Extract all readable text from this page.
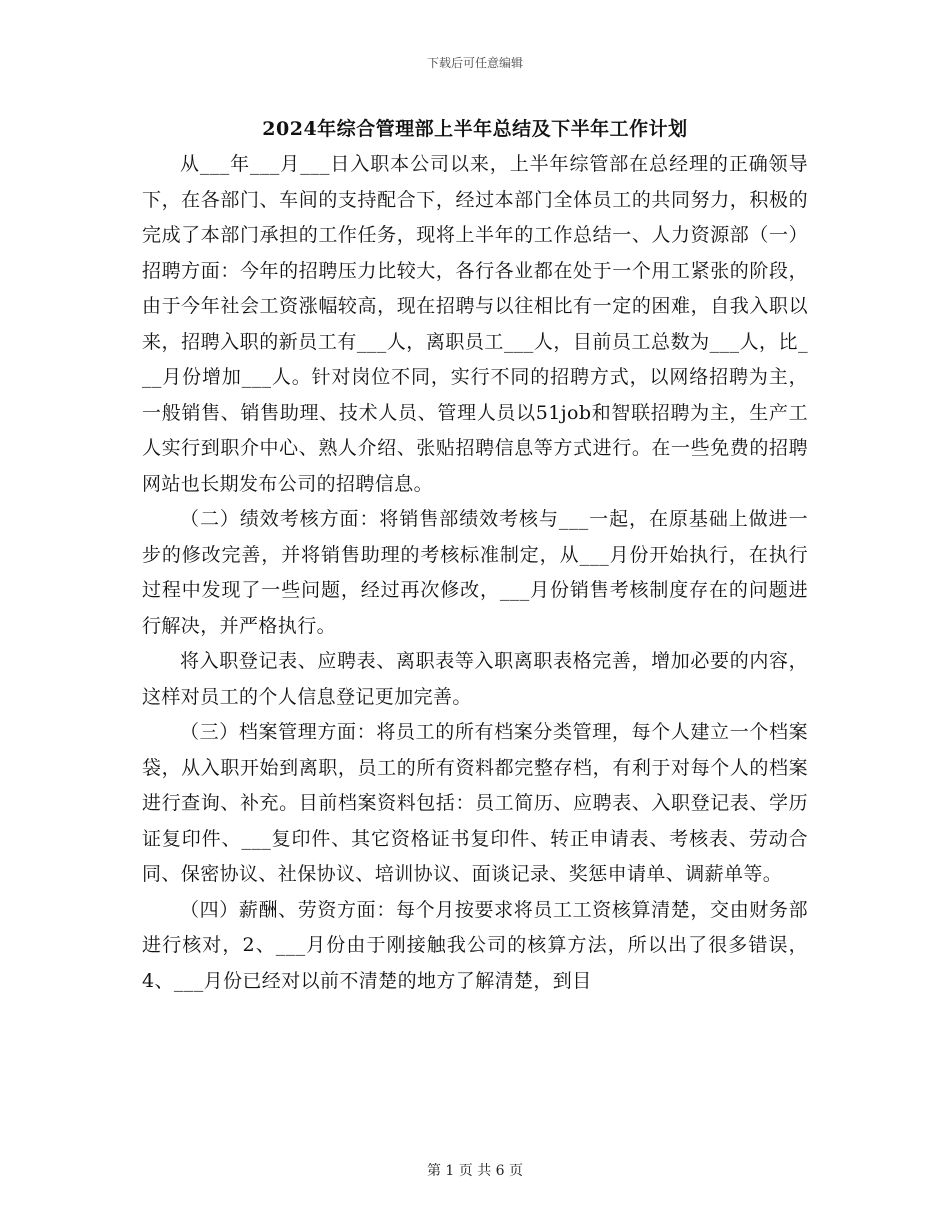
下载后可任意编辑
2024年综合管理部上半年总结及下半年工作计划

从___年___月___日入职本公司以来，上半年综管部在总经理的正确领导下，在各部门、车间的支持配合下，经过本部门全体员工的共同努力，积极的完成了本部门承担的工作任务，现将上半年的工作总结一、人力资源部（一）招聘方面：今年的招聘压力比较大，各行各业都在处于一个用工紧张的阶段，由于今年社会工资涨幅较高，现在招聘与以往相比有一定的困难，自我入职以来，招聘入职的新员工有___人，离职员工___人，目前员工总数为___人，比___月份增加___人。针对岗位不同，实行不同的招聘方式，以网络招聘为主，一般销售、销售助理、技术人员、管理人员以51job和智联招聘为主，生产工人实行到职介中心、熟人介绍、张贴招聘信息等方式进行。在一些免费的招聘网站也长期发布公司的招聘信息。

（二）绩效考核方面：将销售部绩效考核与___一起，在原基础上做进一步的修改完善，并将销售助理的考核标准制定，从___月份开始执行，在执行过程中发现了一些问题，经过再次修改，___月份销售考核制度存在的问题进行解决，并严格执行。

将入职登记表、应聘表、离职表等入职离职表格完善，增加必要的内容，这样对员工的个人信息登记更加完善。

（三）档案管理方面：将员工的所有档案分类管理，每个人建立一个档案袋，从入职开始到离职，员工的所有资料都完整存档，有利于对每个人的档案进行查询、补充。目前档案资料包括：员工简历、应聘表、入职登记表、学历证复印件、___复印件、其它资格证书复印件、转正申请表、考核表、劳动合同、保密协议、社保协议、培训协议、面谈记录、奖惩申请单、调薪单等。

（四）薪酬、劳资方面：每个月按要求将员工工资核算清楚，交由财务部进行核对，2、___月份由于刚接触我公司的核算方法，所以出了很多错误，4、___月份已经对以前不清楚的地方了解清楚，到目

第 1 页 共 6 页
